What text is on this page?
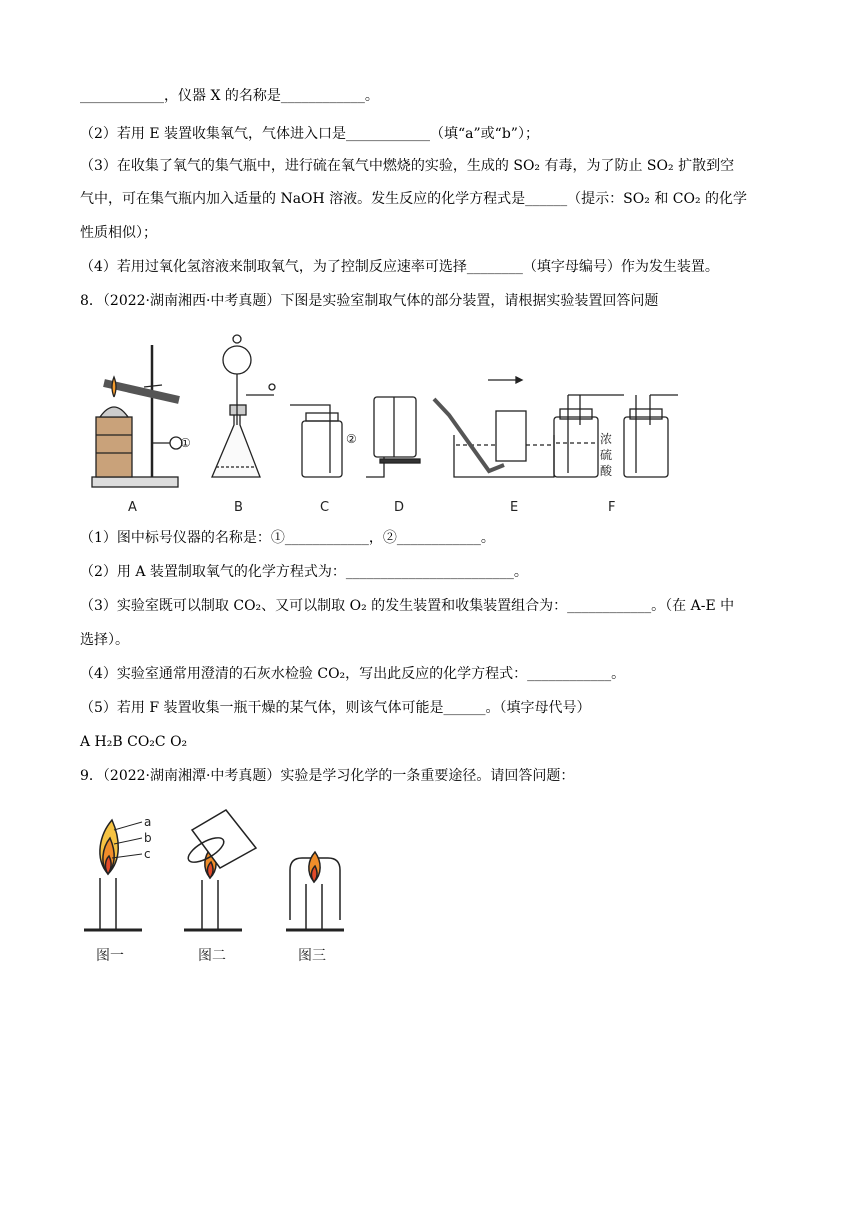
____________，仪器 X 的名称是____________。
（2）若用 E 装置收集氧气，气体进入口是____________（填“a”或“b”）；
（3）在收集了氧气的集气瓶中，进行硫在氧气中燃烧的实验，生成的 SO₂ 有毒，为了防止 SO₂ 扩散到空
气中，可在集气瓶内加入适量的 NaOH 溶液。发生反应的化学方程式是______（提示：SO₂ 和 CO₂ 的化学
性质相似）；
（4）若用过氧化氢溶液来制取氧气，为了控制反应速率可选择________（填字母编号）作为发生装置。
8．（2022·湖南湘西·中考真题）下图是实验室制取气体的部分装置，请根据实验装置回答问题
②	浓
硫
酸
①
A	B	C	D	E	F
（1）图中标号仪器的名称是：①____________，②____________。
（2）用 A 装置制取氧气的化学方程式为：________________________。
（3）实验室既可以制取 CO₂、又可以制取 O₂ 的发生装置和收集装置组合为：____________。（在 A-E 中
选择）。
（4）实验室通常用澄清的石灰水检验 CO₂，写出此反应的化学方程式：____________。
（5）若用 F 装置收集一瓶干燥的某气体，则该气体可能是______。（填字母代号）
A H₂B CO₂C O₂
9．（2022·湖南湘潭·中考真题）实验是学习化学的一条重要途径。请回答问题：
a
b
c
图一	图二	图三
